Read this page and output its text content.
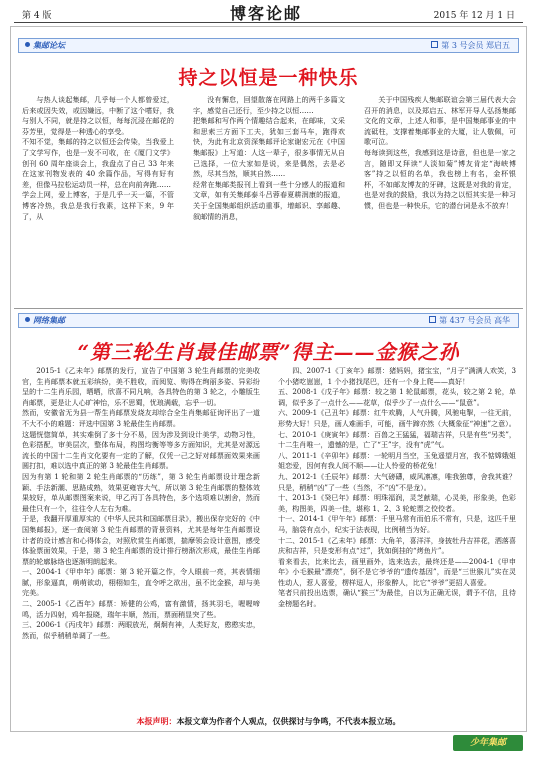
第 4 版	博客论邮	2015 年 12 月 1 日
集邮论坛	第 3 号会员 郑启五
持之以恒是一种快乐
与热人谈起集邮，几乎每一个人都曾爱过，后来或因失效，或因嫌远，中断了这个嗜好，我与别人不同，就是持之以恒，每每沉浸在邮花的芬芳里，觉得是一种透心的享受。
不知不觉，集邮的持之以恒还会传染，当我爱上了文学写作，也是一发不可收，在《厦门文学》创刊 60 周年座谈会上，我盘点了自己 33 年来在这家刊物发表的 40 余篇作品，写得有好有差，但像马拉松运动员一样，总在向前奔跑……
学会上网，爱上博客，于是几乎一天一篇，不管博客冷热，我总是我行我素，这样下来，9 年了，从
没有懈怠，回望散落在网路上的两千多篇文字，感觉自己还行，至少持之以恒……
把集邮和写作两个情趣结合起来，在邮味，文采和思索三方面下工夫，犹如三套马车，跑得欢快，为此有北京资深集邮评论家谢宏元在《中国集邮报》上写道：人这一辈子，很多事情无从自己选择，一位大家如是说，来是偶然，去是必然，尽其当然，顺其自然……
经常在集邮类报刊上看到一些十分感人的报道和文章，如有关集邮泰斗吕蓉春夏耕润康的报道，关于全国集邮组织活动重事，增邮识、享邮趣、叙邮情的消息，
关于中国残疾人集邮联谊会第三届代表大会召开的消息，以及郑启五、林军开导人弘扬集邮文化的文章，上述人和事，是中国集邮事业的中流砥柱，支撑着集邮事业的大厦，让人敬佩，可歌可泣。
每每读到这些，我感到这是诗意，但也是一家之言，随即又拜读“人淡如菊”博友肯定“海峡博客”持之以恒的名单，我也榜上有名，金杯银杯，不如邮友博友的牙碑，这既是对我的肯定，也是对我的鼓励，我以为持之以恒其实是一种习惯，但也是一种快乐，它的潜台词是永不放弃！
网络集邮	第 437 号会员 高华
“第三轮生肖最佳邮票”得主——金猴之孙
2015-1《乙未年》邮票的发行，宣告了中国第 3 轮生肖邮票的完美收官，生肖邮票本就五彩缤纷，美不胜收，而阅览、购得在绚丽多姿、异彩纷呈的十二生肖乐园，晒晒，欣喜不同凡响，各具特色的第 3 轮之，小雕版生肖邮票，更是让人心旷神怡，乐不思蜀，忧琅满载，忘乎一切。
然而，安徽省无为县一帮生肖邮票发烧友却综合全生肖集邮征询评出了一道不大不小的难题：评选中国第 3 轮最佳生肖邮票。
这题恍惚简单，其实难倒了多十分不易，因为涉及到设计美学，动物习性，色彩搭配，审美层次，整体布局，构图均衡等等多方面知识，尤其是对源远流长的中国十二生肖文化要有一定的了解，仅凭一己之好对邮票面效果来画圆打扣，难以选中真正的第 3 轮最佳生肖邮票。
因为有第 1 轮和第 2 轮生肖邮票的“历练”，第 3 轮生肖邮票设计理念新颖、手法新潮、思路成熟，效果更雍容大气，所以第 3 轮生肖邮票的整体效果较好，单从邮票图案来说，甲乙丙丁各具特色，多个选项难以割舍，然而最佳只有一个，往往令人左右为难。
于是，我翻开厚重厚实的《中华人民共和国邮票目录》，搬出保存完好的《中国集邮报》，逐一查阅第 3 轮生肖邮票的背景资料，尤其是每年生肖邮票设计者的设计感言和心得体会，对照欣赏生肖邮票，揣摩领会设计意图，感受体验票面效果，于是，第 3 轮生肖邮票的设计排行榜渐次形成，最佳生肖邮票的轮廓脉络也逐渐明朗起来。
一、2004-1《甲申年》邮票：第 3 轮开篇之作，令人眼前一亮，其表情细腻，形象逼真，萌萌欲动，栩栩如生，直令呼之欲出，虽不比金猴，却与美完美。
二、2005-1《乙酉年》邮票：矫健的公鸡，富有激情，扬其羽毛，喔喔啼鸣，活力四射，鸡年报晓，瑞年丰顺，然而，票面稍显突了些。
三、2006-1《丙戌年》邮票：两眼放光，炯炯有神，人类好友，憨憨实忠，然而，似乎稍稍单调了一些。
四、2007-1《丁亥年》邮票：猪妈妈，猪宝宝，“月子”满满人欢笑，3 个小猪吃崽崽，1 个小猪找尾巴，还有一个身上爬——真好！
五、2008-1《戊子年》邮票：较之第 1 轮鼠邮票，花头，较之第 2 轮，单调，似乎多了一点什么——花草，似乎少了一点什么——“鼠意”。
六、2009-1《己丑年》邮票：红牛欢腾，人气升腾，风驰电掣，一往无前，形势大好！只是，画人难画手，可能，画牛蹄亦然（大概象征“神速”之意）。
七、2010-1《庚寅年》邮票：百兽之王猛猛，福瑞吉祥，只是有些“另类”，十二生肖唯一，遗憾的是，亡了“王”字，没有“虎”气。
八、2011-1《辛卯年》邮票：一轮明月当空，玉兔遥望月宫，我不惦嫦娥姐姐恋爱，因何有我人间不顺——让人怜爱的桥花兔！
九、2012-1《壬辰年》邮票：大气磅礴，威风凛凛，唯我独尊，舍我其谁？只是，稍稍“凶”了一些（当然，不“凶”不是龙）。
十、2013-1《癸巳年》邮票：明珠福润，灵芝献瑞，心灵美，形象美，色彩美，构图美，四美一佳，堪称 1、2、3 轮蛇票之佼佼者。
十一、2014-1《甲午年》邮票：千里马常有而伯乐不常有，只是，这匹千里马，脑袋有点小，纪实于法表现，比例稍当为好。
十二、2015-1《乙未年》邮票：大角羊，喜洋洋，身披牡丹吉祥花，洒落喜庆和吉祥，只是变形有点“过”，犹如倒挂的“烤鱼片”。
看来看去，比来比去，画里画外，选来选去，最终还是——2004-1《甲申年》小毛猴最“漂亮”，倒不是它爷爷的“遗传基因”，而是“三世猴儿”实在灵性动人，惹人喜爱，楞样逗人，形象醉人，比它“爷爷”更招人喜爱。
笔者只前投出选票，确认“猴三”为最佳，自以为正确无误，谓予不信，且待金榜题名时。
本报声明：本报文章为作者个人观点，仅供探讨与争鸣，不代表本报立场。
少年集邮
